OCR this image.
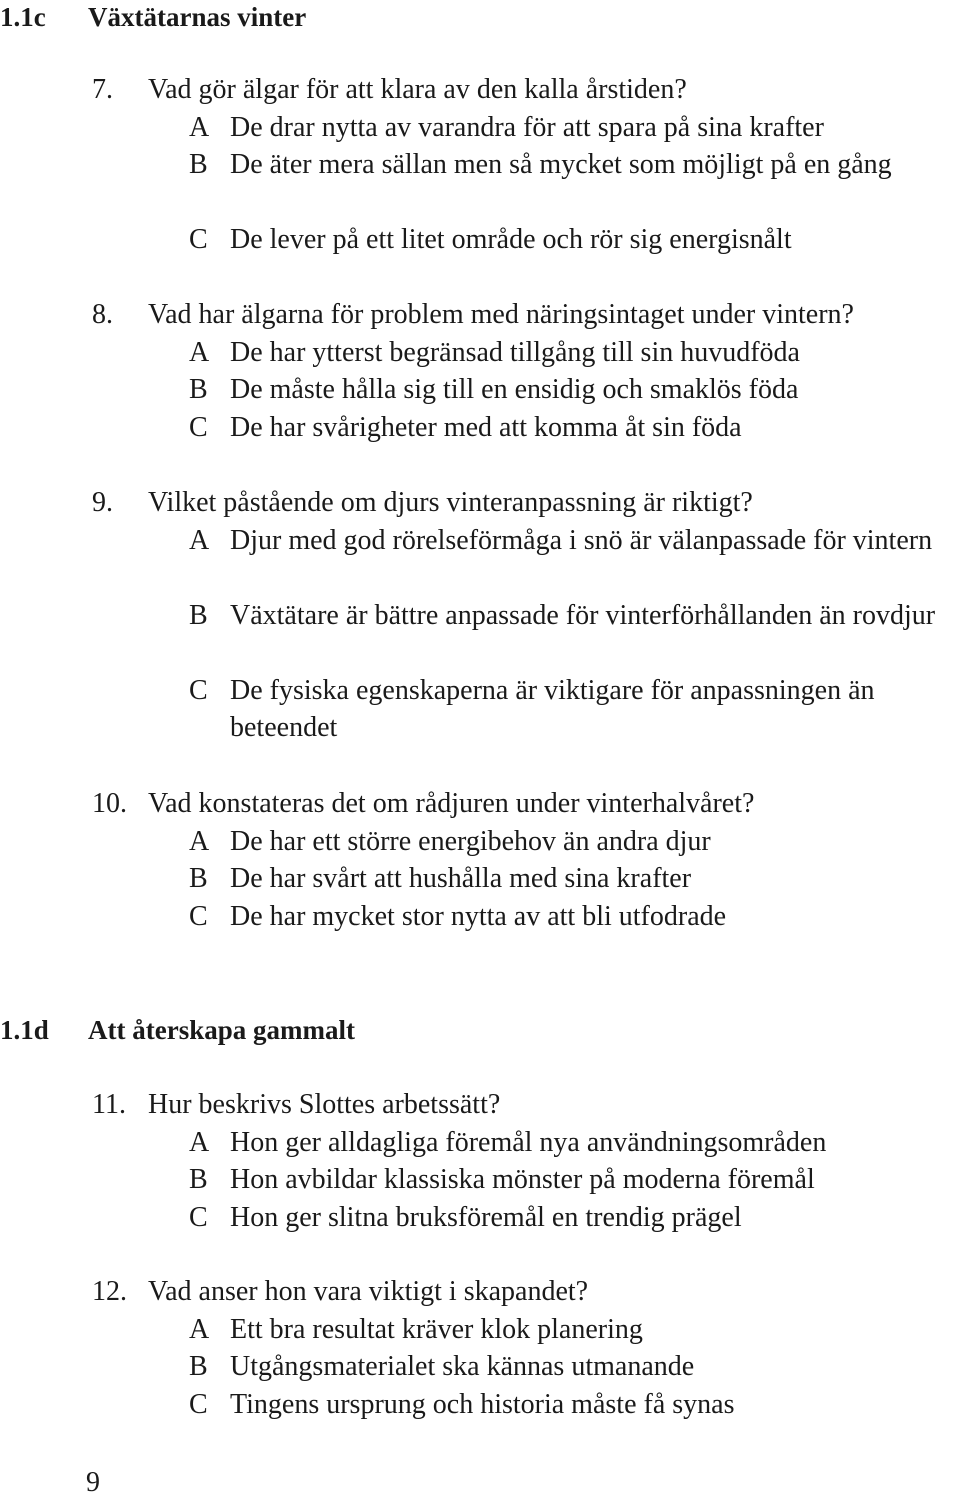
1.1c Växtätarnas vinter
7. Vad gör älgar för att klara av den kalla årstiden?
A De drar nytta av varandra för att spara på sina krafter
B De äter mera sällan men så mycket som möjligt på en gång
C De lever på ett litet område och rör sig energisnålt
8. Vad har älgarna för problem med näringsintaget under vintern?
A De har ytterst begränsad tillgång till sin huvudföda
B De måste hålla sig till en ensidig och smaklös föda
C De har svårigheter med att komma åt sin föda
9. Vilket påstående om djurs vinteranpassning är riktigt?
A Djur med god rörelseförmåga i snö är välanpassade för vintern
B Växtätare är bättre anpassade för vinterförhållanden än rovdjur
C De fysiska egenskaperna är viktigare för anpassningen än beteendet
10. Vad konstateras det om rådjuren under vinterhalvåret?
A De har ett större energibehov än andra djur
B De har svårt att hushålla med sina krafter
C De har mycket stor nytta av att bli utfodrade
1.1d Att återskapa gammalt
11. Hur beskrivs Slottes arbetssätt?
A Hon ger alldagliga föremål nya användningsområden
B Hon avbildar klassiska mönster på moderna föremål
C Hon ger slitna bruksföremål en trendig prägel
12. Vad anser hon vara viktigt i skapandet?
A Ett bra resultat kräver klok planering
B Utgångsmaterialet ska kännas utmanande
C Tingens ursprung och historia måste få synas
9
